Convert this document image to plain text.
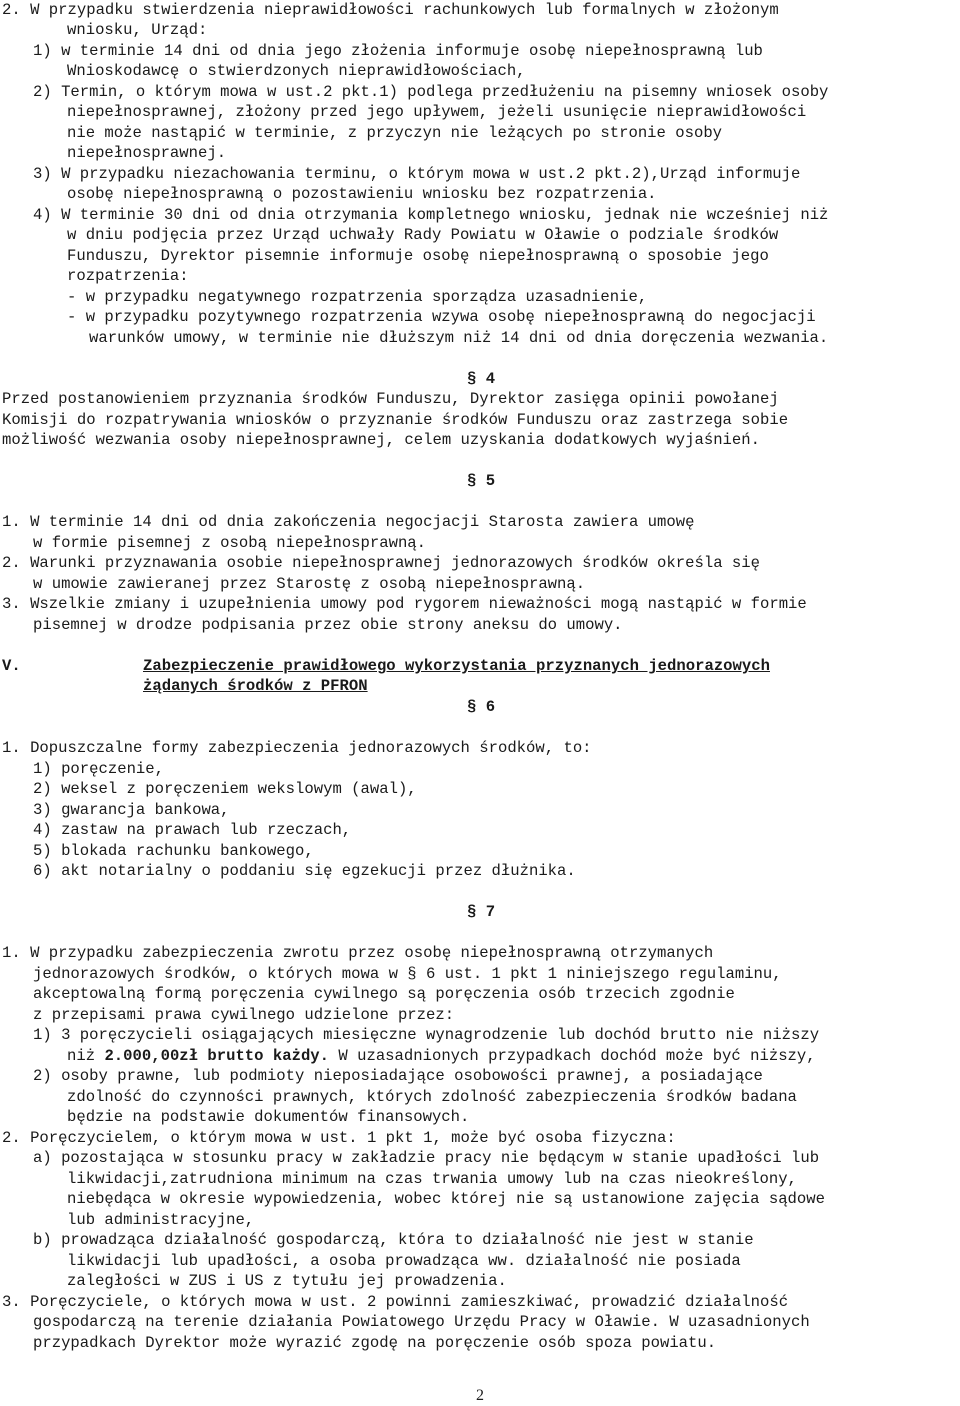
2. W przypadku stwierdzenia nieprawidłowości rachunkowych lub formalnych w złożonym

wniosku, Urząd:

1) w terminie 14 dni od dnia jego złożenia informuje osobę niepełnosprawną lub

Wnioskodawcę o stwierdzonych nieprawidłowościach,

2) Termin, o którym mowa w ust.2 pkt.1) podlega przedłużeniu na pisemny wniosek osoby

niepełnosprawnej, złożony przed jego upływem, jeżeli usunięcie nieprawidłowości

nie może nastąpić w terminie, z przyczyn nie leżących po stronie osoby

niepełnosprawnej.

3) W przypadku niezachowania terminu, o którym mowa w ust.2 pkt.2),Urząd informuje

osobę niepełnosprawną o pozostawieniu wniosku bez rozpatrzenia.

4) W terminie 30 dni od dnia otrzymania kompletnego wniosku, jednak nie wcześniej niż

w dniu podjęcia przez Urząd uchwały Rady Powiatu w Oławie o podziale środków

Funduszu, Dyrektor pisemnie informuje osobę niepełnosprawną o sposobie jego

rozpatrzenia:

- w przypadku negatywnego rozpatrzenia sporządza uzasadnienie,

- w przypadku pozytywnego rozpatrzenia wzywa osobę niepełnosprawną do negocjacji

warunków umowy, w terminie nie dłuższym niż 14 dni od dnia doręczenia wezwania.

§ 4

Przed postanowieniem przyznania środków Funduszu, Dyrektor zasięga opinii powołanej

Komisji do rozpatrywania wniosków o przyznanie środków Funduszu oraz zastrzega sobie

możliwość wezwania osoby niepełnosprawnej, celem uzyskania dodatkowych wyjaśnień.

§ 5

1. W terminie 14 dni od dnia zakończenia negocjacji Starosta zawiera umowę

w formie pisemnej z osobą niepełnosprawną.

2. Warunki przyznawania osobie niepełnosprawnej jednorazowych środków określa się

w umowie zawieranej przez Starostę z osobą niepełnosprawną.

3. Wszelkie zmiany i uzupełnienia umowy pod rygorem nieważności mogą nastąpić w formie

pisemnej w drodze podpisania przez obie strony aneksu do umowy.

V.	Zabezpieczenie prawidłowego wykorzystania przyznanych jednorazowych

żądanych środków z PFRON

§ 6

1. Dopuszczalne formy zabezpieczenia jednorazowych środków, to:

1) poręczenie,

2) weksel z poręczeniem wekslowym (awal),

3) gwarancja bankowa,

4) zastaw na prawach lub rzeczach,

5) blokada rachunku bankowego,

6) akt notarialny o poddaniu się egzekucji przez dłużnika.

§ 7

1. W przypadku zabezpieczenia zwrotu przez osobę niepełnosprawną otrzymanych

jednorazowych środków, o których mowa w § 6 ust. 1 pkt 1 niniejszego regulaminu,

akceptowalną formą poręczenia cywilnego są poręczenia osób trzecich zgodnie

z przepisami prawa cywilnego udzielone przez:

1) 3 poręczycieli osiągających miesięczne wynagrodzenie lub dochód brutto nie niższy

niż 2.000,00zł brutto każdy. W uzasadnionych przypadkach dochód może być niższy,

2) osoby prawne, lub podmioty nieposiadające osobowości prawnej, a posiadające

zdolność do czynności prawnych, których zdolność zabezpieczenia środków badana

będzie na podstawie dokumentów finansowych.

2. Poręczycielem, o którym mowa w ust. 1 pkt 1, może być osoba fizyczna:

a) pozostająca w stosunku pracy w zakładzie pracy nie będącym w stanie upadłości lub

likwidacji,zatrudniona minimum na czas trwania umowy lub na czas nieokreślony,

niebędąca w okresie wypowiedzenia, wobec której nie są ustanowione zajęcia sądowe

lub administracyjne,

b) prowadząca działalność gospodarczą, która to działalność nie jest w stanie

likwidacji lub upadłości, a osoba prowadząca ww. działalność nie posiada

zaległości w ZUS i US z tytułu jej prowadzenia.

3. Poręczyciele, o których mowa w ust. 2 powinni zamieszkiwać, prowadzić działalność

gospodarczą na terenie działania Powiatowego Urzędu Pracy w Oławie. W uzasadnionych

przypadkach Dyrektor może wyrazić zgodę na poręczenie osób spoza powiatu.

2
